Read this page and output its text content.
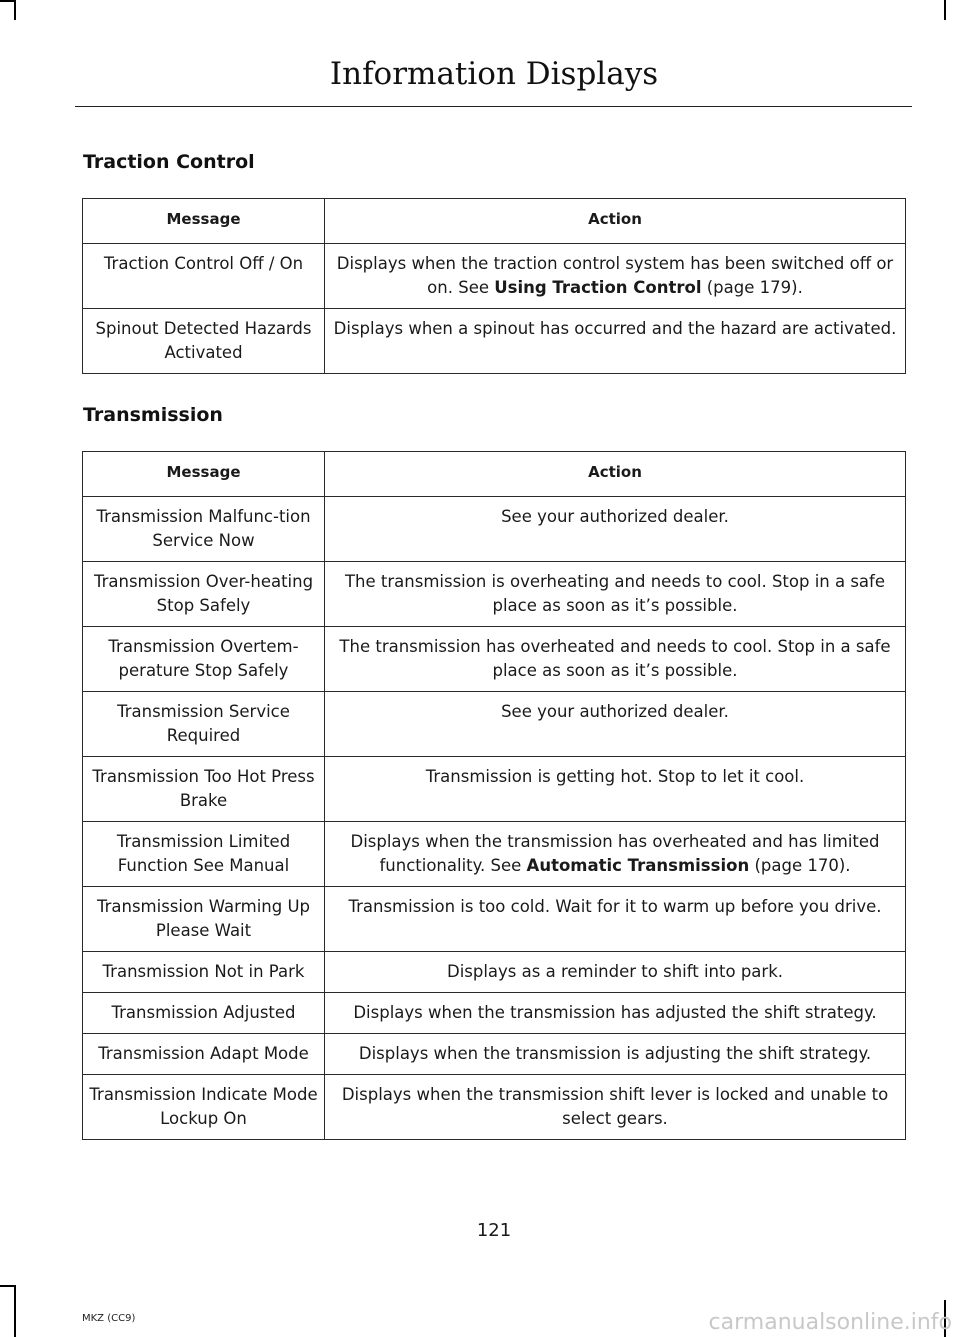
Information Displays
Traction Control
Message	Action
Traction Control Off / On	Displays when the traction control system has been switched off or on. See Using Traction Control (page 179).
Spinout Detected Hazards Activated	Displays when a spinout has occurred and the hazard are activated.
Transmission
Message	Action
Transmission Malfunc-tion Service Now	See your authorized dealer.
Transmission Over-heating Stop Safely	The transmission is overheating and needs to cool. Stop in a safe place as soon as it’s possible.
Transmission Overtem-perature Stop Safely	The transmission has overheated and needs to cool. Stop in a safe place as soon as it’s possible.
Transmission Service Required	See your authorized dealer.
Transmission Too Hot Press Brake	Transmission is getting hot. Stop to let it cool.
Transmission Limited Function See Manual	Displays when the transmission has overheated and has limited functionality. See Automatic Transmission (page 170).
Transmission Warming Up Please Wait	Transmission is too cold. Wait for it to warm up before you drive.
Transmission Not in Park	Displays as a reminder to shift into park.
Transmission Adjusted	Displays when the transmission has adjusted the shift strategy.
Transmission Adapt Mode	Displays when the transmission is adjusting the shift strategy.
Transmission Indicate Mode Lockup On	Displays when the transmission shift lever is locked and unable to select gears.
121
MKZ (CC9)	carmanualsonline.info
